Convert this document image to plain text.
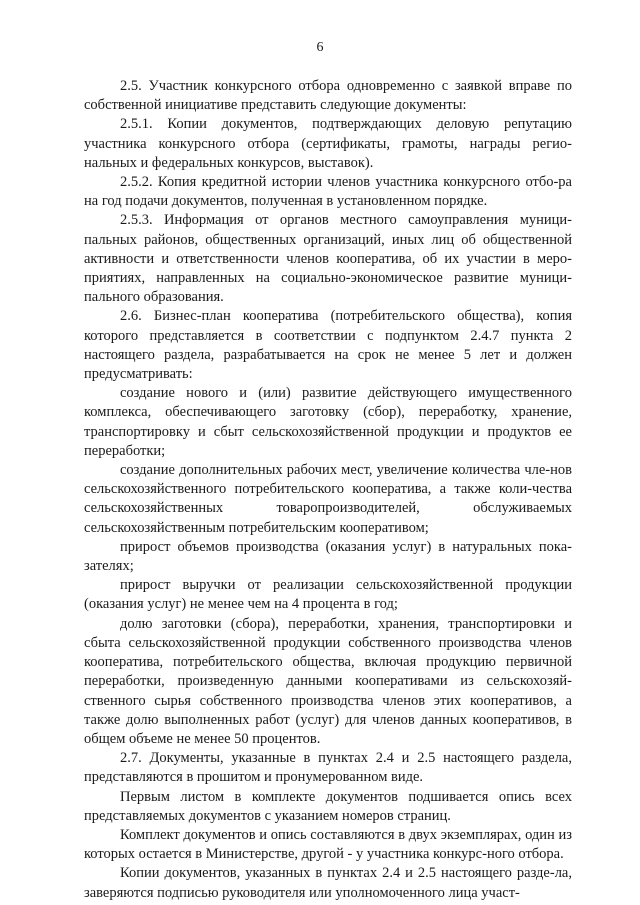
6

2.5. Участник конкурсного отбора одновременно с заявкой вправе по собственной инициативе представить следующие документы:

2.5.1. Копии документов, подтверждающих деловую репутацию участника конкурсного отбора (сертификаты, грамоты, награды регио-нальных и федеральных конкурсов, выставок).

2.5.2. Копия кредитной истории членов участника конкурсного отбо-ра на год подачи документов, полученная в установленном порядке.

2.5.3. Информация от органов местного самоуправления муници-пальных районов, общественных организаций, иных лиц об общественной активности и ответственности членов кооператива, об их участии в меро-приятиях, направленных на социально-экономическое развитие муници-пального образования.

2.6. Бизнес-план кооператива (потребительского общества), копия которого представляется в соответствии с подпунктом 2.4.7 пункта 2 настоящего раздела, разрабатывается на срок не менее 5 лет и должен предусматривать:

создание нового и (или) развитие действующего имущественного комплекса, обеспечивающего заготовку (сбор), переработку, хранение, транспортировку и сбыт сельскохозяйственной продукции и продуктов ее переработки;

создание дополнительных рабочих мест, увеличение количества чле-нов сельскохозяйственного потребительского кооператива, а также коли-чества сельскохозяйственных товаропроизводителей, обслуживаемых сельскохозяйственным потребительским кооперативом;

прирост объемов производства (оказания услуг) в натуральных пока-зателях;

прирост выручки от реализации сельскохозяйственной продукции (оказания услуг) не менее чем на 4 процента в год;

долю заготовки (сбора), переработки, хранения, транспортировки и сбыта сельскохозяйственной продукции собственного производства членов кооператива, потребительского общества, включая продукцию первичной переработки, произведенную данными кооперативами из сельскохозяй-ственного сырья собственного производства членов этих кооперативов, а также долю выполненных работ (услуг) для членов данных кооперативов, в общем объеме не менее 50 процентов.

2.7. Документы, указанные в пунктах 2.4 и 2.5 настоящего раздела, представляются в прошитом и пронумерованном виде.

Первым листом в комплекте документов подшивается опись всех представляемых документов с указанием номеров страниц.

Комплект документов и опись составляются в двух экземплярах, один из которых остается в Министерстве, другой - у участника конкурс-ного отбора.

Копии документов, указанных в пунктах 2.4 и 2.5 настоящего разде-ла, заверяются подписью руководителя или уполномоченного лица участ-
